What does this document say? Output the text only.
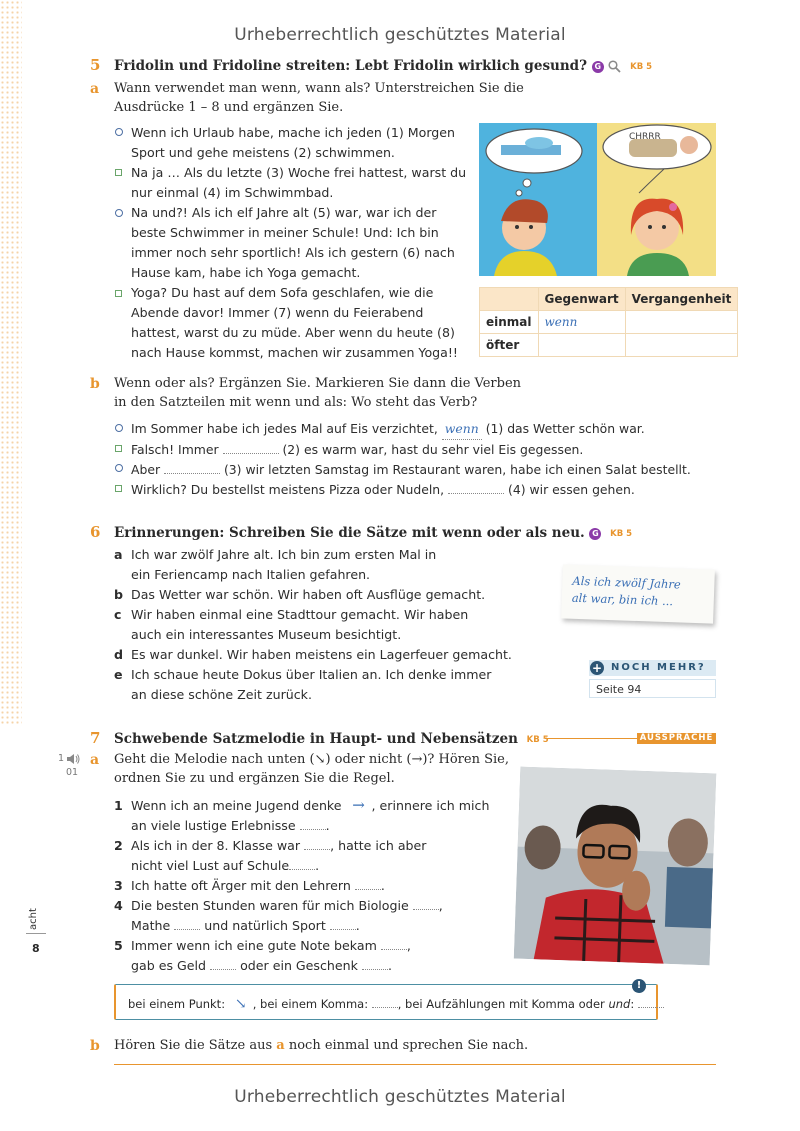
Urheberrechtlich geschütztes Material
5 Fridolin und Fridoline streiten: Lebt Fridolin wirklich gesund? G	KB 5
a Wann verwendet man wenn, wann als? Unterstreichen Sie die
Ausdrücke 1 – 8 und ergänzen Sie.
Wenn ich Urlaub habe, mache ich jeden (1) Morgen
Sport und gehe meistens (2) schwimmen.
Na ja … Als du letzte (3) Woche frei hattest, warst du
nur einmal (4) im Schwimmbad.
Na und?! Als ich elf Jahre alt (5) war, war ich der
beste Schwimmer in meiner Schule! Und: Ich bin
immer noch sehr sportlich! Als ich gestern (6) nach
Hause kam, habe ich Yoga gemacht.
Yoga? Du hast auf dem Sofa geschlafen, wie die
Abende davor! Immer (7) wenn du Feierabend
hattest, warst du zu müde. Aber wenn du heute (8)
nach Hause kommst, machen wir zusammen Yoga!!
CHRRR
	Gegenwart	Vergangenheit
einmal	wenn	
öfter		
b Wenn oder als? Ergänzen Sie. Markieren Sie dann die Verben
in den Satzteilen mit wenn und als: Wo steht das Verb?
Im Sommer habe ich jedes Mal auf Eis verzichtet, wenn (1) das Wetter schön war.
Falsch! Immer	(2) es warm war, hast du sehr viel Eis gegessen.
Aber	(3) wir letzten Samstag im Restaurant waren, habe ich einen Salat bestellt.
Wirklich? Du bestellst meistens Pizza oder Nudeln,	(4) wir essen gehen.
6 Erinnerungen: Schreiben Sie die Sätze mit wenn oder als neu. G KB 5
a Ich war zwölf Jahre alt. Ich bin zum ersten Mal in
ein Feriencamp nach Italien gefahren.
b Das Wetter war schön. Wir haben oft Ausflüge gemacht.
c Wir haben einmal eine Stadttour gemacht. Wir haben
auch ein interessantes Museum besichtigt.
d Es war dunkel. Wir haben meistens ein Lagerfeuer gemacht.
e Ich schaue heute Dokus über Italien an. Ich denke immer
an diese schöne Zeit zurück.
Als ich zwölf Jahre
alt war, bin ich ...
+ NOCH MEHR?
Seite 94
7 Schwebende Satzmelodie in Haupt- und Nebensätzen KB 5	AUSSPRACHE
1
01
a Geht die Melodie nach unten (↘) oder nicht (→)? Hören Sie,
ordnen Sie zu und ergänzen Sie die Regel.
1 Wenn ich an meine Jugend denke → , erinnere ich mich
an viele lustige Erlebnisse .
2 Als ich in der 8. Klasse war , hatte ich aber
nicht viel Lust auf Schule .
3 Ich hatte oft Ärger mit den Lehrern .
4 Die besten Stunden waren für mich Biologie ,
Mathe	und natürlich Sport .
5 Immer wenn ich eine gute Note bekam ,
gab es Geld	oder ein Geschenk .
bei einem Punkt: ↘ , bei einem Komma:	, bei Aufzählungen mit Komma oder und:
!
b Hören Sie die Sätze aus a noch einmal und sprechen Sie nach.
acht
8
Urheberrechtlich geschütztes Material
